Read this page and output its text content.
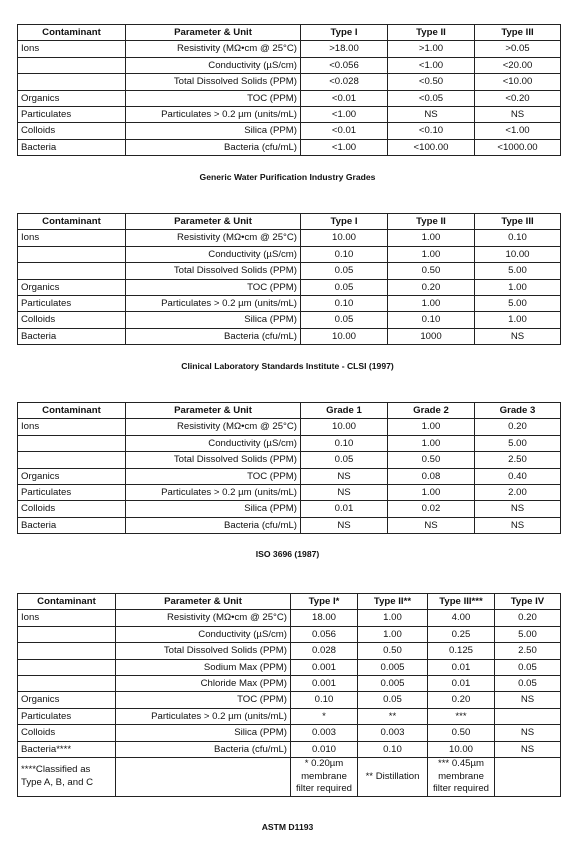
Contaminant	Parameter & Unit	Type I	Type II	Type III
Ions	Resistivity (MΩ•cm @ 25°C)	>18.00	>1.00	>0.05
	Conductivity (µS/cm)	<0.056	<1.00	<20.00
	Total Dissolved Solids (PPM)	<0.028	<0.50	<10.00
Organics	TOC (PPM)	<0.01	<0.05	<0.20
Particulates	Particulates > 0.2 µm (units/mL)	<1.00	NS	NS
Colloids	Silica (PPM)	<0.01	<0.10	<1.00
Bacteria	Bacteria (cfu/mL)	<1.00	<100.00	<1000.00
Generic Water Purification Industry Grades
Contaminant	Parameter & Unit	Type I	Type II	Type III
Ions	Resistivity (MΩ•cm @ 25°C)	10.00	1.00	0.10
	Conductivity (µS/cm)	0.10	1.00	10.00
	Total Dissolved Solids (PPM)	0.05	0.50	5.00
Organics	TOC (PPM)	0.05	0.20	1.00
Particulates	Particulates > 0.2 µm (units/mL)	0.10	1.00	5.00
Colloids	Silica (PPM)	0.05	0.10	1.00
Bacteria	Bacteria (cfu/mL)	10.00	1000	NS
Clinical Laboratory Standards Institute - CLSI (1997)
Contaminant	Parameter & Unit	Grade 1	Grade 2	Grade 3
Ions	Resistivity (MΩ•cm @ 25°C)	10.00	1.00	0.20
	Conductivity (µS/cm)	0.10	1.00	5.00
	Total Dissolved Solids (PPM)	0.05	0.50	2.50
Organics	TOC (PPM)	NS	0.08	0.40
Particulates	Particulates > 0.2 µm (units/mL)	NS	1.00	2.00
Colloids	Silica (PPM)	0.01	0.02	NS
Bacteria	Bacteria (cfu/mL)	NS	NS	NS
ISO 3696 (1987)
Contaminant	Parameter & Unit	Type I*	Type II**	Type III***	Type IV
Ions	Resistivity (MΩ•cm @ 25°C)	18.00	1.00	4.00	0.20
	Conductivity (µS/cm)	0.056	1.00	0.25	5.00
	Total Dissolved Solids (PPM)	0.028	0.50	0.125	2.50
	Sodium Max (PPM)	0.001	0.005	0.01	0.05
	Chloride Max (PPM)	0.001	0.005	0.01	0.05
Organics	TOC (PPM)	0.10	0.05	0.20	NS
Particulates	Particulates > 0.2 µm (units/mL)	*	**	***	
Colloids	Silica (PPM)	0.003	0.003	0.50	NS
Bacteria****	Bacteria (cfu/mL)	0.010	0.10	10.00	NS
****Classified as Type A, B, and C		* 0.20µm membrane filter required	** Distillation	*** 0.45µm membrane filter required	
ASTM D1193
